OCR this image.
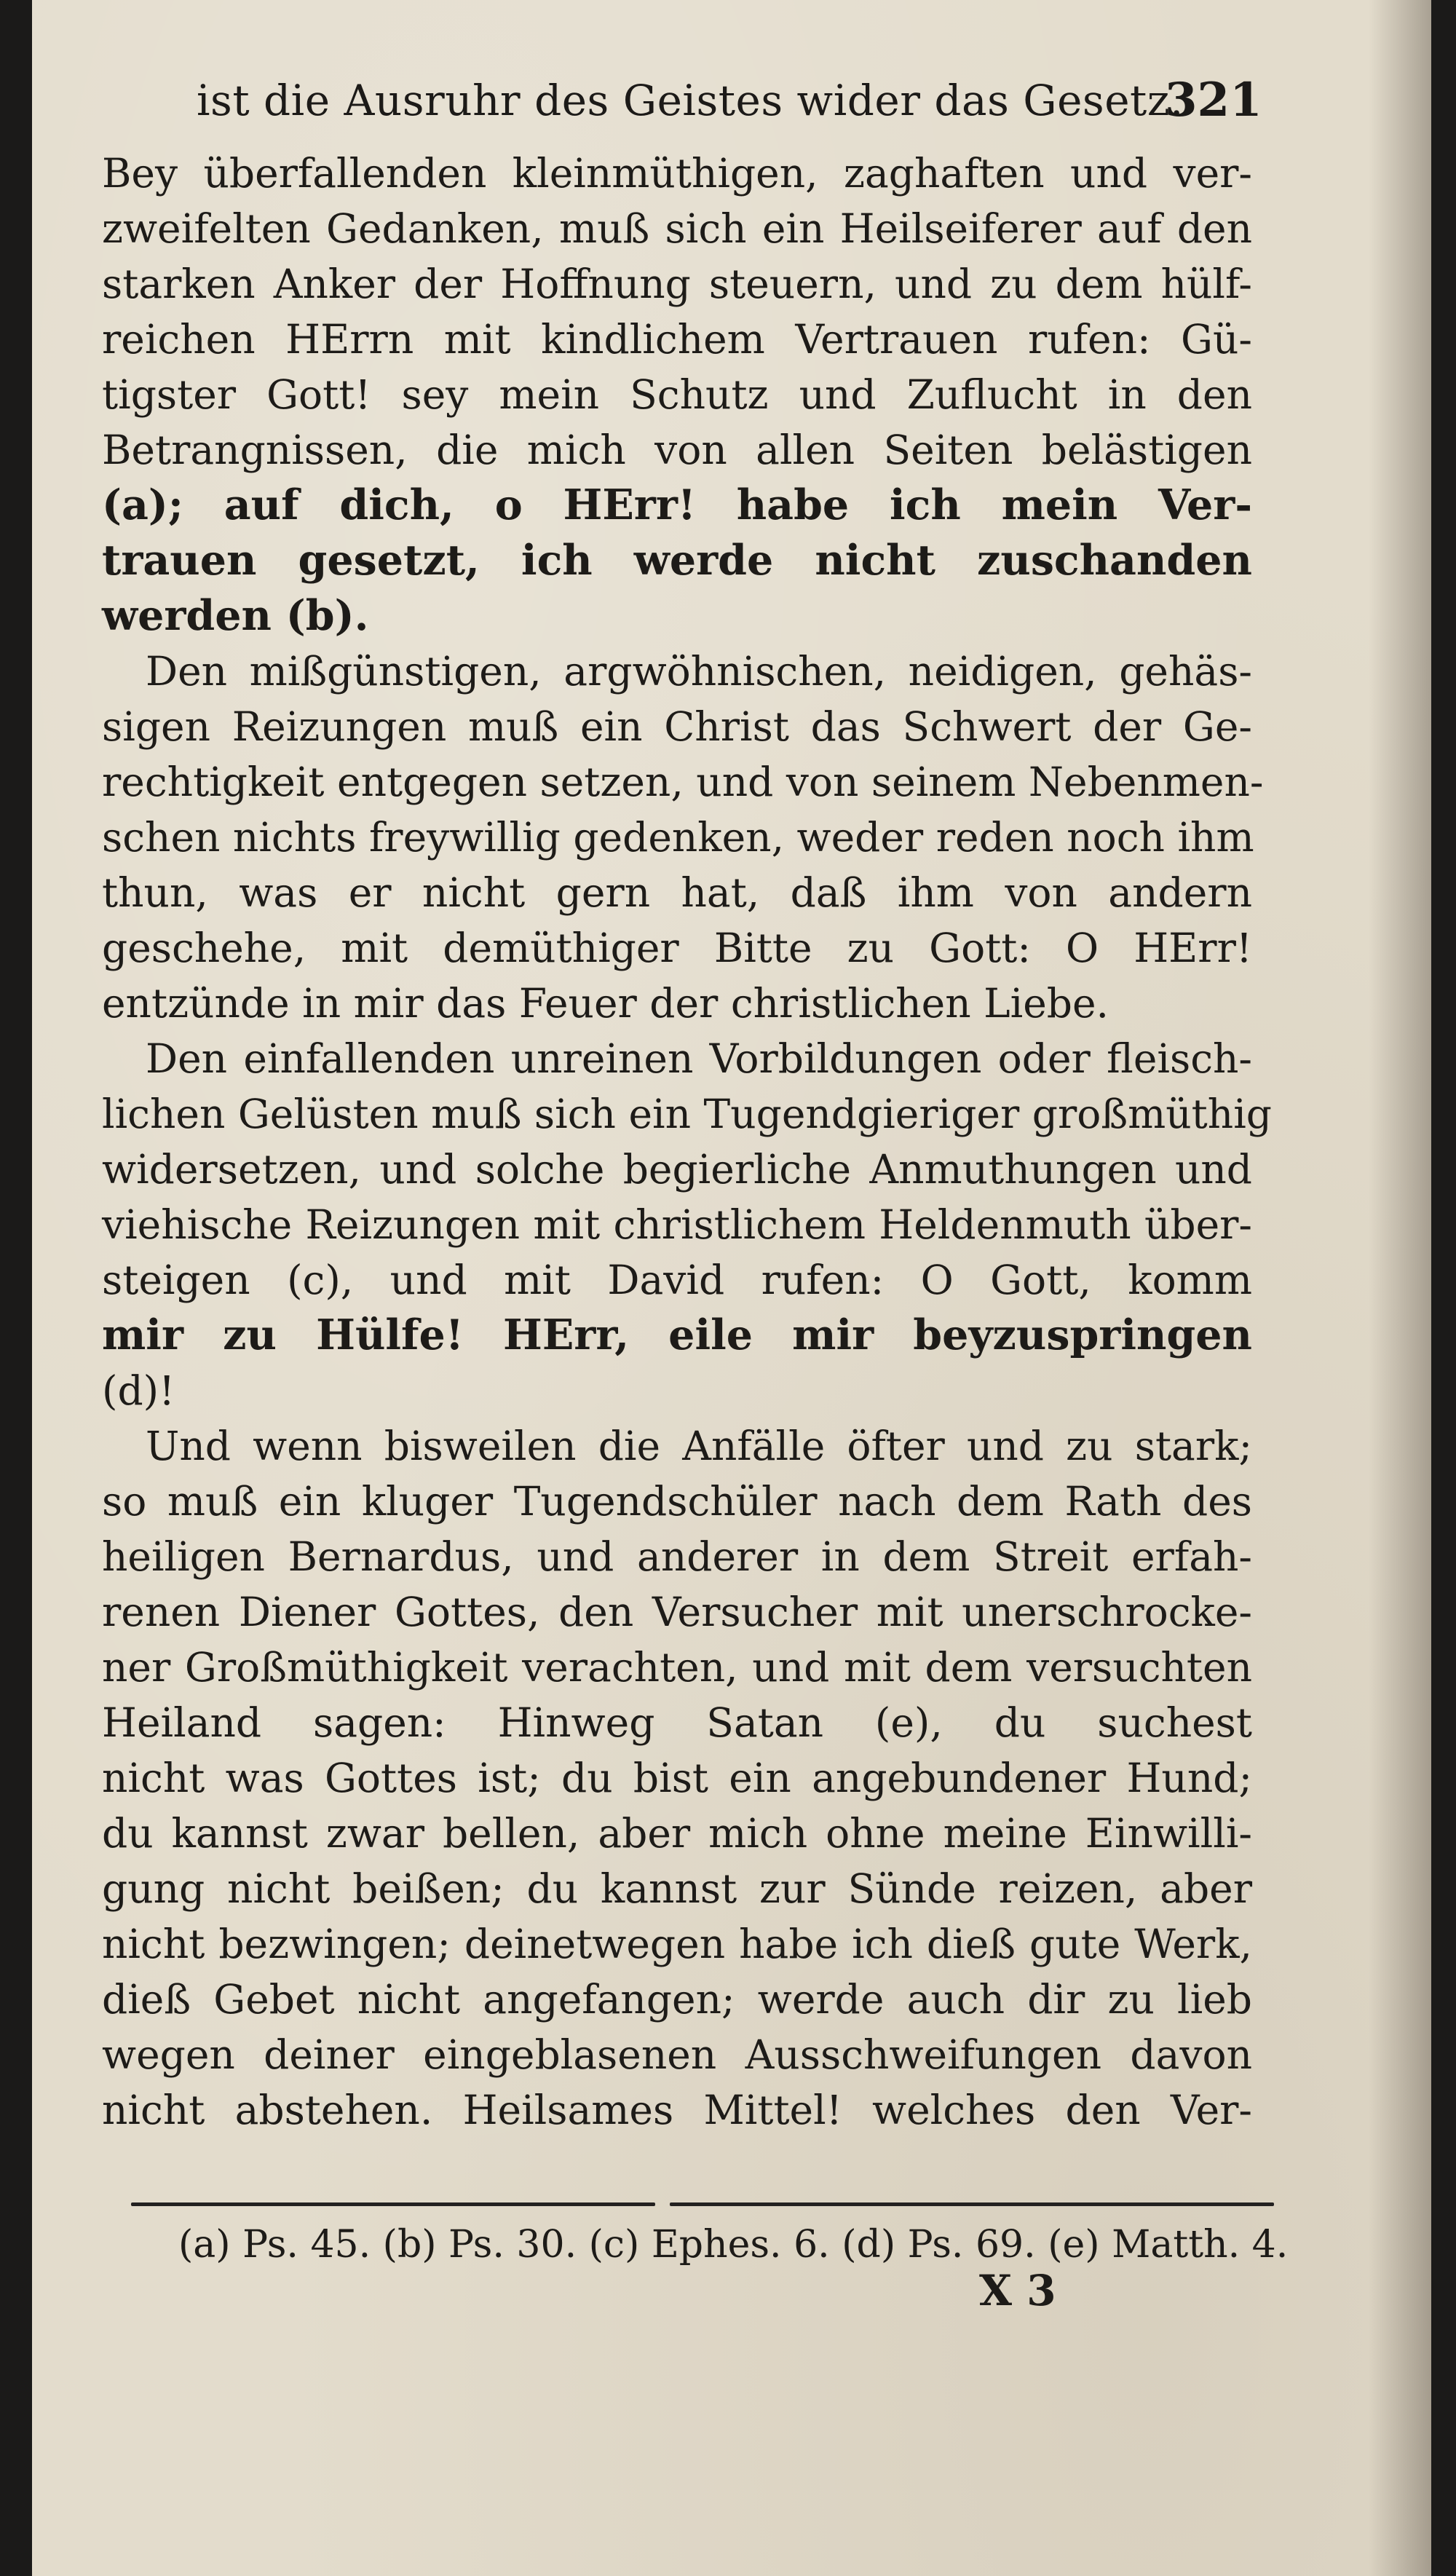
ist die Ausruhr des Geistes wider das Gesetz.
321
Bey überfallenden kleinmüthigen, zaghaften und ver-
zweifelten Gedanken, muß sich ein Heilseiferer auf den
starken Anker der Hoffnung steuern, und zu dem hülf-
reichen HErrn mit kindlichem Vertrauen rufen: Gü-
tigster Gott! sey mein Schutz und Zuflucht in den
Betrangnissen, die mich von allen Seiten belästigen
(a); auf dich, o HErr! habe ich mein Ver-
trauen gesetzt, ich werde nicht zuschanden
werden (b).
Den mißgünstigen, argwöhnischen, neidigen, gehäs-
sigen Reizungen muß ein Christ das Schwert der Ge-
rechtigkeit entgegen setzen, und von seinem Nebenmen-
schen nichts freywillig gedenken, weder reden noch ihm
thun, was er nicht gern hat, daß ihm von andern
geschehe, mit demüthiger Bitte zu Gott: O HErr!
entzünde in mir das Feuer der christlichen Liebe.
Den einfallenden unreinen Vorbildungen oder fleisch-
lichen Gelüsten muß sich ein Tugendgieriger großmüthig
widersetzen, und solche begierliche Anmuthungen und
viehische Reizungen mit christlichem Heldenmuth über-
steigen (c), und mit David rufen: O Gott, komm
mir zu Hülfe! HErr, eile mir beyzuspringen
(d)!
Und wenn bisweilen die Anfälle öfter und zu stark;
so muß ein kluger Tugendschüler nach dem Rath des
heiligen Bernardus, und anderer in dem Streit erfah-
renen Diener Gottes, den Versucher mit unerschrocke-
ner Großmüthigkeit verachten, und mit dem versuchten
Heiland sagen: Hinweg Satan (e), du suchest
nicht was Gottes ist; du bist ein angebundener Hund;
du kannst zwar bellen, aber mich ohne meine Einwilli-
gung nicht beißen; du kannst zur Sünde reizen, aber
nicht bezwingen; deinetwegen habe ich dieß gute Werk,
dieß Gebet nicht angefangen; werde auch dir zu lieb
wegen deiner eingeblasenen Ausschweifungen davon
nicht abstehen. Heilsames Mittel! welches den Ver-
(a) Ps. 45. (b) Ps. 30. (c) Ephes. 6. (d) Ps. 69. (e) Matth. 4.
X 3
